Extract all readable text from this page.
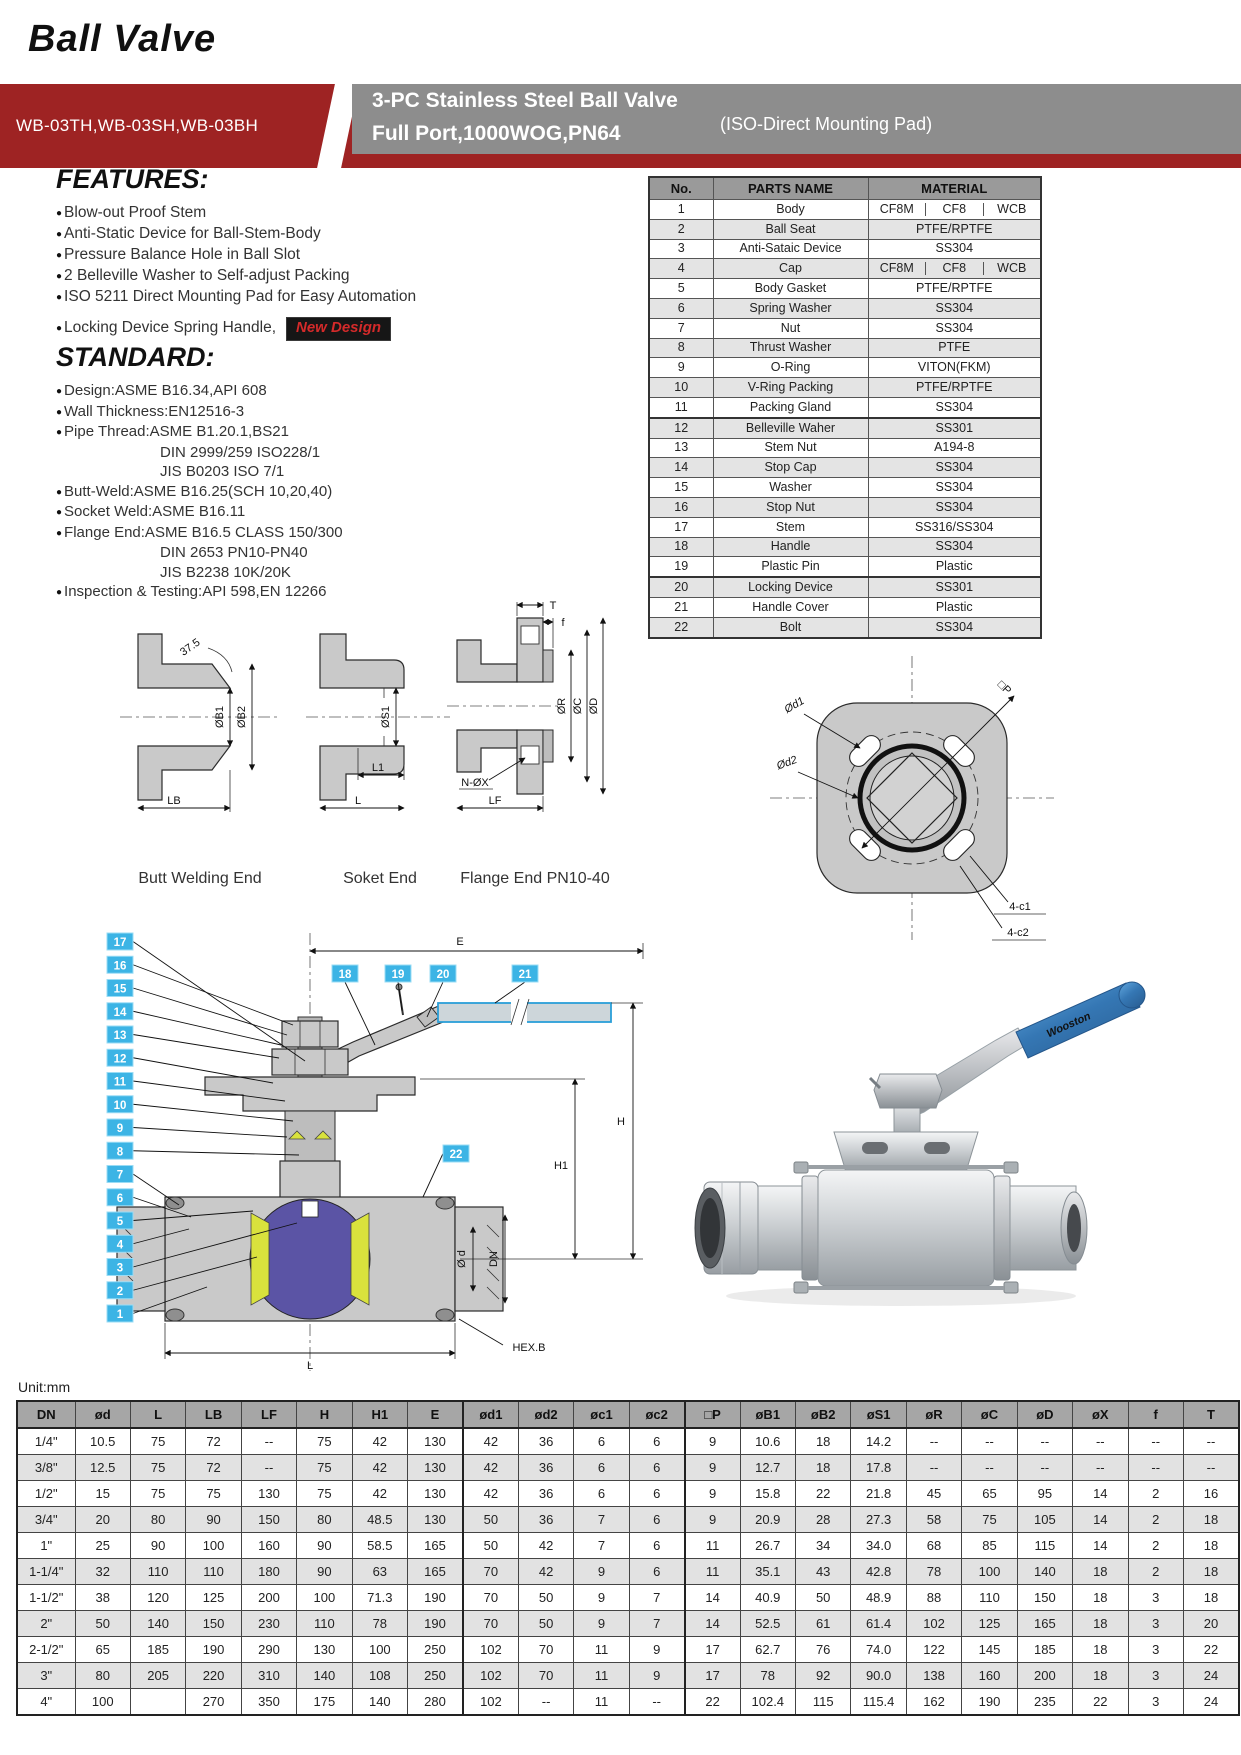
Ball Valve
3-PC Stainless Steel Ball Valve
Full Port,1000WOG,PN64	(ISO-Direct Mounting Pad)
WB-03TH,WB-03SH,WB-03BH
FEATURES:
● Blow-out Proof Stem
● Anti-Static Device for Ball-Stem-Body
● Pressure Balance Hole in Ball Slot
● 2 Belleville Washer to Self-adjust Packing
● ISO 5211 Direct Mounting Pad for Easy Automation
● Locking Device Spring Handle, New Design
STANDARD:
● Design:ASME B16.34,API 608
● Wall Thickness:EN12516-3
● Pipe Thread:ASME B1.20.1,BS21
DIN 2999/259 ISO228/1
JIS B0203 ISO 7/1
● Butt-Weld:ASME B16.25(SCH 10,20,40)
● Socket Weld:ASME B16.11
● Flange End:ASME B16.5 CLASS 150/300
DIN 2653 PN10-PN40
JIS B2238 10K/20K
● Inspection & Testing:API 598,EN 12266
No.	PARTS NAME	MATERIAL
1	Body	CF8M CF8 WCB

2	Ball Seat	PTFE/RPTFE
3	Anti-Sataic Device	SS304
4	Cap	CF8M CF8 WCB

5	Body Gasket	PTFE/RPTFE
6	Spring Washer	SS304
7	Nut	SS304
8	Thrust Washer	PTFE
9	O-Ring	VITON(FKM)
10	V-Ring Packing	PTFE/RPTFE
11	Packing Gland	SS304
12	Belleville Waher	SS301
13	Stem Nut	A194-8
14	Stop Cap	SS304
15	Washer	SS304
16	Stop Nut	SS304
17	Stem	SS316/SS304
18	Handle	SS304
19	Plastic Pin	Plastic
20	Locking Device	SS301
21	Handle Cover	Plastic
22	Bolt	SS304
37.5
ØB1 ØB2
LB
Butt Welding End
ØS1
L1
L
Soket End
T
f
ØR ØC ØD
N-ØX
LF
Flange End PN10-40
□P
Ød1
Ød2
4-c1
4-c2
E
H
H1
Ø d DN
L
HEX.B
17
16
15
14
13
12
11
10
9
8
7
6
5
4
3
2
1
18	19	20	21
22
Wooston
Unit:mm
DN	ød	L	LB	LF	H	H1	E	ød1	ød2	øc1	øc2	□P	øB1	øB2	øS1	øR	øC	øD	øX	f	T
1/4"	10.5	75	72	--	75	42	130	42	36	6	6	9	10.6	18	14.2	--	--	--	--	--	--
3/8"	12.5	75	72	--	75	42	130	42	36	6	6	9	12.7	18	17.8	--	--	--	--	--	--
1/2"	15	75	75	130	75	42	130	42	36	6	6	9	15.8	22	21.8	45	65	95	14	2	16
3/4"	20	80	90	150	80	48.5	130	50	36	7	6	9	20.9	28	27.3	58	75	105	14	2	18
1"	25	90	100	160	90	58.5	165	50	42	7	6	11	26.7	34	34.0	68	85	115	14	2	18
1-1/4"	32	110	110	180	90	63	165	70	42	9	6	11	35.1	43	42.8	78	100	140	18	2	18
1-1/2"	38	120	125	200	100	71.3	190	70	50	9	7	14	40.9	50	48.9	88	110	150	18	3	18
2"	50	140	150	230	110	78	190	70	50	9	7	14	52.5	61	61.4	102	125	165	18	3	20
2-1/2"	65	185	190	290	130	100	250	102	70	11	9	17	62.7	76	74.0	122	145	185	18	3	22
3"	80	205	220	310	140	108	250	102	70	11	9	17	78	92	90.0	138	160	200	18	3	24
4"	100		270	350	175	140	280	102	--	11	--	22	102.4	115	115.4	162	190	235	22	3	24
